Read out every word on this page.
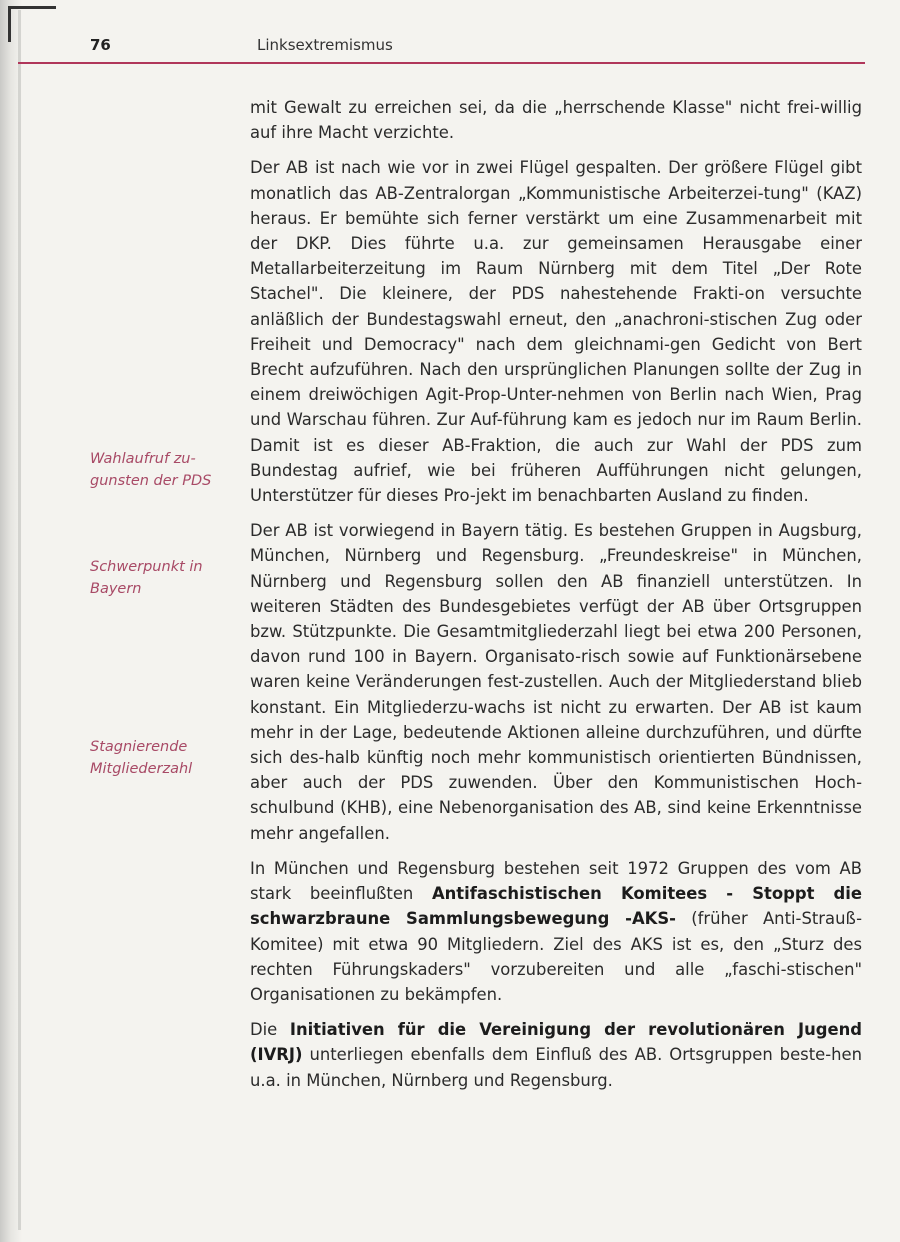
76	Linksextremismus
Wahlaufruf zu-gunsten der PDS
Schwerpunkt in Bayern
Stagnierende Mitgliederzahl

mit Gewalt zu erreichen sei, da die „herrschende Klasse" nicht frei-willig auf ihre Macht verzichte.

Der AB ist nach wie vor in zwei Flügel gespalten. Der größere Flügel gibt monatlich das AB-Zentralorgan „Kommunistische Arbeiterzei-tung" (KAZ) heraus. Er bemühte sich ferner verstärkt um eine Zusammenarbeit mit der DKP. Dies führte u.a. zur gemeinsamen Herausgabe einer Metallarbeiterzeitung im Raum Nürnberg mit dem Titel „Der Rote Stachel". Die kleinere, der PDS nahestehende Frakti-on versuchte anläßlich der Bundestagswahl erneut, den „anachroni-stischen Zug oder Freiheit und Democracy" nach dem gleichnami-gen Gedicht von Bert Brecht aufzuführen. Nach den ursprünglichen Planungen sollte der Zug in einem dreiwöchigen Agit-Prop-Unter-nehmen von Berlin nach Wien, Prag und Warschau führen. Zur Auf-führung kam es jedoch nur im Raum Berlin. Damit ist es dieser AB-Fraktion, die auch zur Wahl der PDS zum Bundestag aufrief, wie bei früheren Aufführungen nicht gelungen, Unterstützer für dieses Pro-jekt im benachbarten Ausland zu finden.

Der AB ist vorwiegend in Bayern tätig. Es bestehen Gruppen in Augsburg, München, Nürnberg und Regensburg. „Freundeskreise" in München, Nürnberg und Regensburg sollen den AB finanziell unterstützen. In weiteren Städten des Bundesgebietes verfügt der AB über Ortsgruppen bzw. Stützpunkte. Die Gesamtmitgliederzahl liegt bei etwa 200 Personen, davon rund 100 in Bayern. Organisato-risch sowie auf Funktionärsebene waren keine Veränderungen fest-zustellen. Auch der Mitgliederstand blieb konstant. Ein Mitgliederzu-wachs ist nicht zu erwarten. Der AB ist kaum mehr in der Lage, bedeutende Aktionen alleine durchzuführen, und dürfte sich des-halb künftig noch mehr kommunistisch orientierten Bündnissen, aber auch der PDS zuwenden. Über den Kommunistischen Hoch-schulbund (KHB), eine Nebenorganisation des AB, sind keine Erkenntnisse mehr angefallen.

In München und Regensburg bestehen seit 1972 Gruppen des vom AB stark beeinflußten Antifaschistischen Komitees - Stoppt die schwarzbraune Sammlungsbewegung -AKS- (früher Anti-Strauß-Komitee) mit etwa 90 Mitgliedern. Ziel des AKS ist es, den „Sturz des rechten Führungskaders" vorzubereiten und alle „faschi-stischen" Organisationen zu bekämpfen.

Die Initiativen für die Vereinigung der revolutionären Jugend (IVRJ) unterliegen ebenfalls dem Einfluß des AB. Ortsgruppen beste-hen u.a. in München, Nürnberg und Regensburg.
